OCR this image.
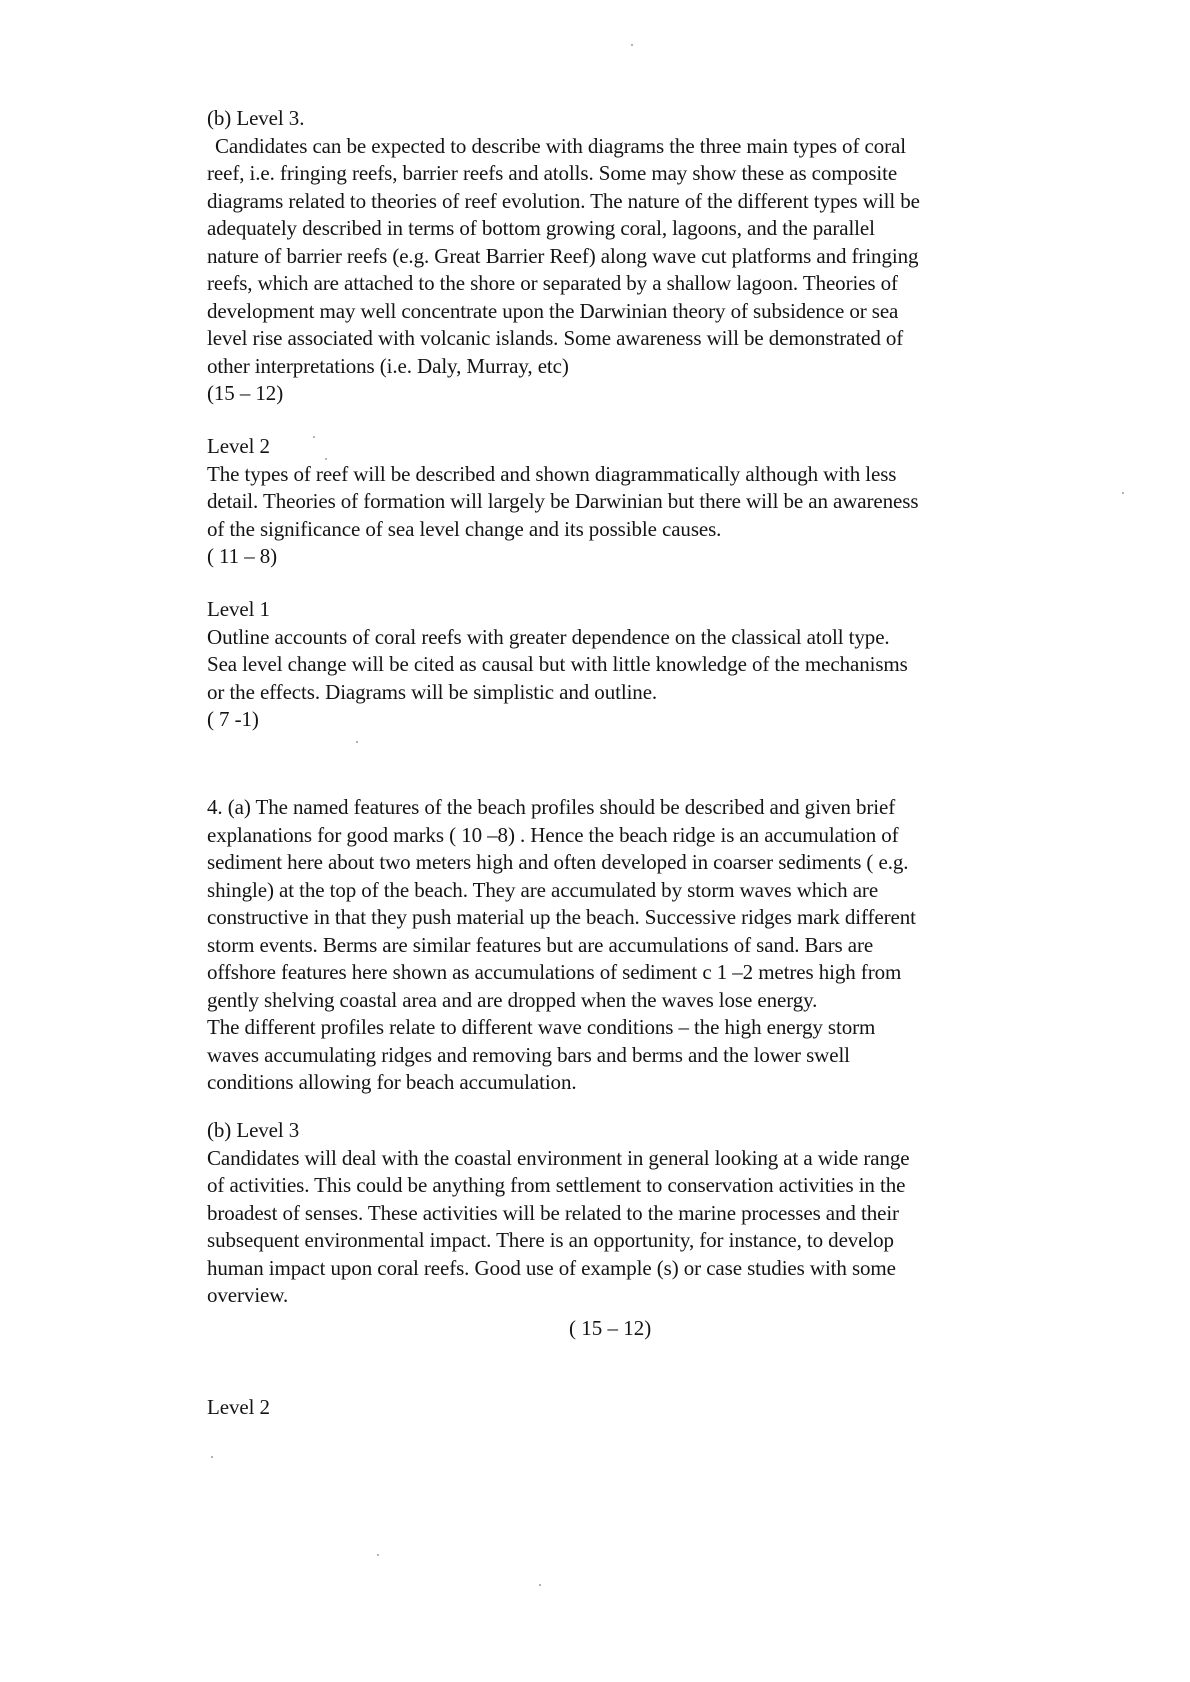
(b) Level 3.
Candidates can be expected to describe with diagrams the three main types of coral
reef, i.e. fringing reefs, barrier reefs and atolls. Some may show these as composite
diagrams related to theories of reef evolution. The nature of the different types will be
adequately described in terms of bottom growing coral, lagoons, and the parallel
nature of barrier reefs (e.g. Great Barrier Reef) along wave cut platforms and fringing
reefs, which are attached to the shore or separated by a shallow lagoon. Theories of
development may well concentrate upon the Darwinian theory of subsidence or sea
level rise associated with volcanic islands. Some awareness will be demonstrated of
other interpretations (i.e. Daly, Murray, etc)
(15 – 12)
Level 2
The types of reef will be described and shown diagrammatically although with less
detail. Theories of formation will largely be Darwinian but there will be an awareness
of the significance of sea level change and its possible causes.
( 11 – 8)
Level 1
Outline accounts of coral reefs with greater dependence on the classical atoll type.
Sea level change will be cited as causal but with little knowledge of the mechanisms
or the effects. Diagrams will be simplistic and outline.
( 7 -1)
4. (a) The named features of the beach profiles should be described and given brief
explanations for good marks ( 10 –8) . Hence the beach ridge is an accumulation of
sediment here about two meters high and often developed in coarser sediments ( e.g.
shingle) at the top of the beach. They are accumulated by storm waves which are
constructive in that they push material up the beach. Successive ridges mark different
storm events. Berms are similar features but are accumulations of sand. Bars are
offshore features here shown as accumulations of sediment c 1 –2 metres high from
gently shelving coastal area and are dropped when the waves lose energy.
The different profiles relate to different wave conditions – the high energy storm
waves accumulating ridges and removing bars and berms and the lower swell
conditions allowing for beach accumulation.
(b) Level 3
Candidates will deal with the coastal environment in general looking at a wide range
of activities. This could be anything from settlement to conservation activities in the
broadest of senses. These activities will be related to the marine processes and their
subsequent environmental impact. There is an opportunity, for instance, to develop
human impact upon coral reefs. Good use of example (s) or case studies with some
overview.
( 15 – 12)
Level 2
